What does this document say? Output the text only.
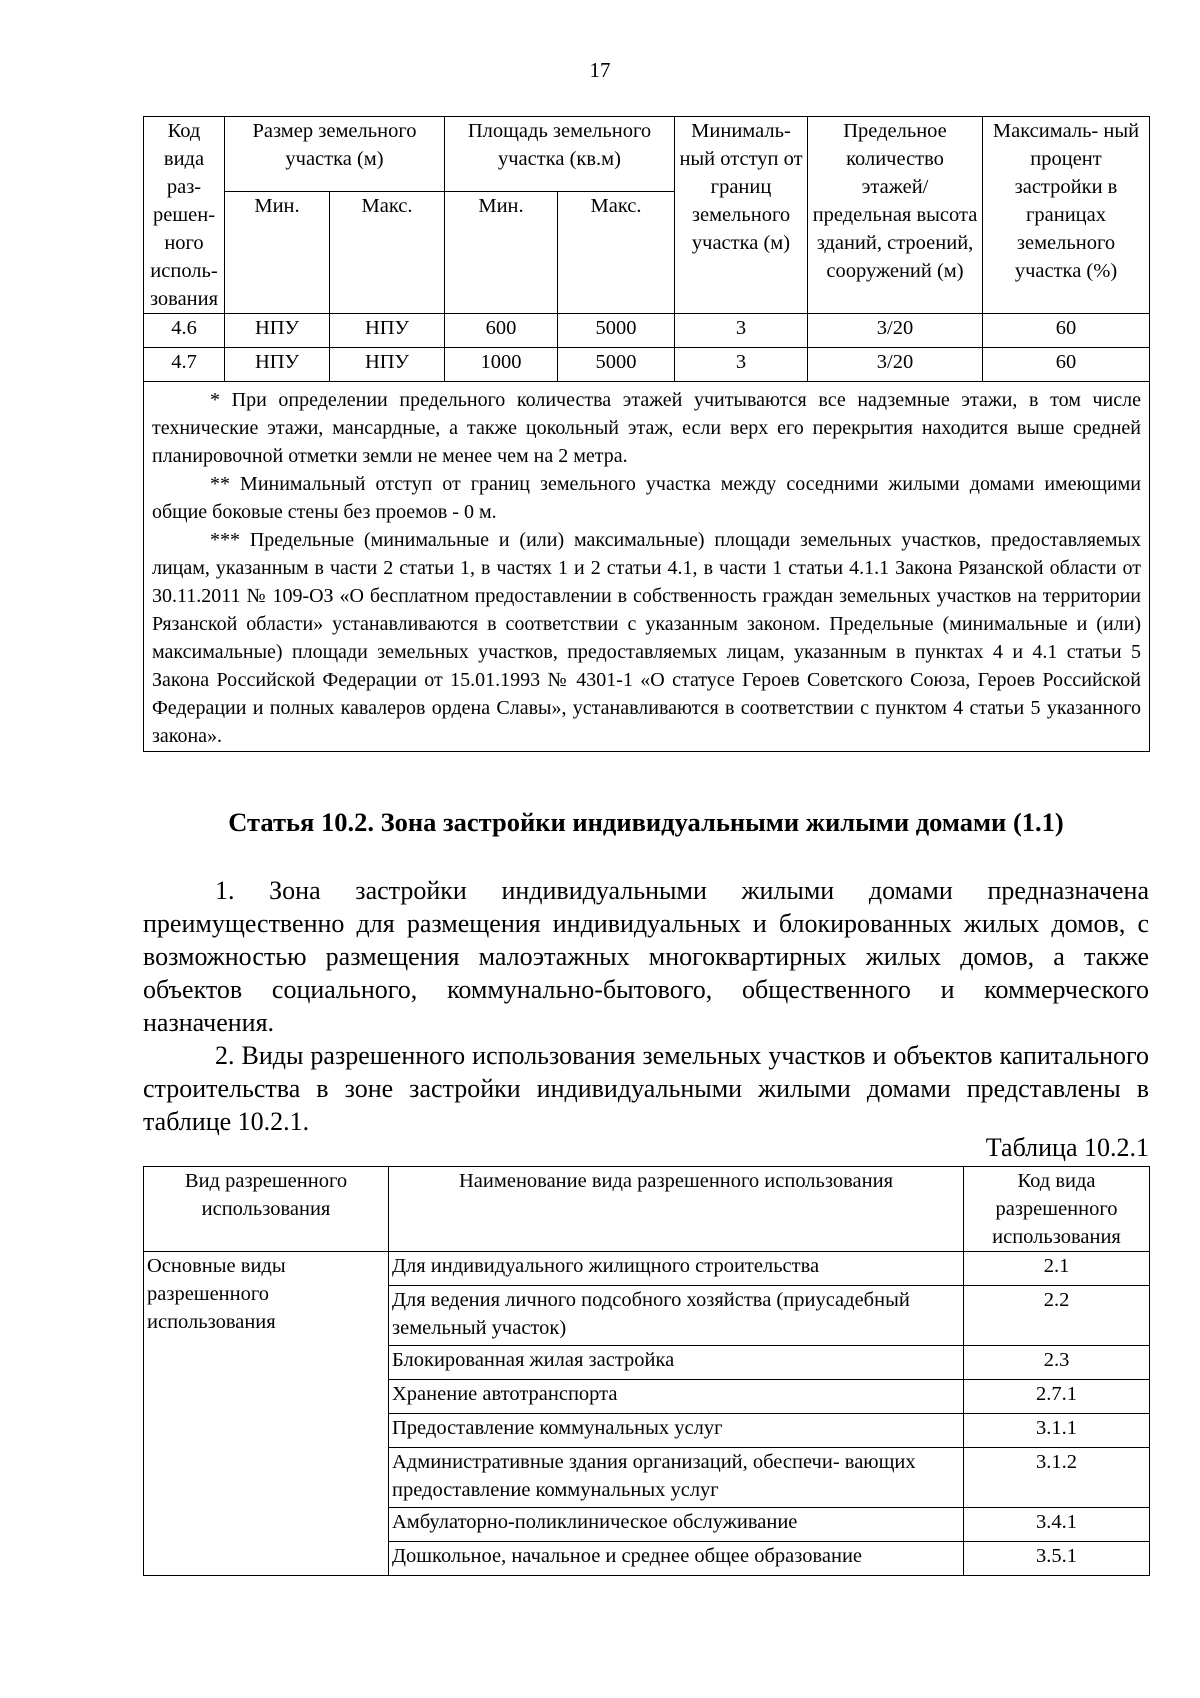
17
Код вида раз- решен- ного исполь- зования	Размер земельного участка (м)		Площадь земельного участка (кв.м)		Минималь- ный отступ от границ земельного участка (м)	Предельное количество этажей/ предельная высота зданий, строений, сооружений (м)	Максималь- ный процент застройки в границах земельного участка (%)
	Мин.	Макс.	Мин.	Макс.			
4.6	НПУ	НПУ	600	5000	3	3/20	60
4.7	НПУ	НПУ	1000	5000	3	3/20	60

* При определении предельного количества этажей учитываются все надземные этажи, в том числе технические этажи, мансардные, а также цокольный этаж, если верх его перекрытия находится выше средней планировочной отметки земли не менее чем на 2 метра.

** Минимальный отступ от границ земельного участка между соседними жилыми домами имеющими общие боковые стены без проемов - 0 м.

*** Предельные (минимальные и (или) максимальные) площади земельных участков, предоставляемых лицам, указанным в части 2 статьи 1, в частях 1 и 2 статьи 4.1, в части 1 статьи 4.1.1 Закона Рязанской области от 30.11.2011 № 109-ОЗ «О бесплатном предоставлении в собственность граждан земельных участков на территории Рязанской области» устанавливаются в соответствии с указанным законом. Предельные (минимальные и (или) максимальные) площади земельных участков, предоставляемых лицам, указанным в пунктах 4 и 4.1 статьи 5 Закона Российской Федерации от 15.01.1993 № 4301-1 «О статусе Героев Советского Союза, Героев Российской Федерации и полных кавалеров ордена Славы», устанавливаются в соответствии с пунктом 4 статьи 5 указанного закона».							

Статья 10.2. Зона застройки индивидуальными жилыми домами (1.1)

1. Зона застройки индивидуальными жилыми домами предназначена преимущественно для размещения индивидуальных и блокированных жилых домов, с возможностью размещения малоэтажных многоквартирных жилых домов, а также объектов социального, коммунально-бытового, общественного и коммерческого назначения.

2. Виды разрешенного использования земельных участков и объектов капитального строительства в зоне застройки индивидуальными жилыми домами представлены в таблице 10.2.1.

Таблица 10.2.1
Вид разрешенного использования	Наименование вида разрешенного использования	Код вида разрешенного использования
Основные виды разрешенного использования	Для индивидуального жилищного строительства	2.1
	Для ведения личного подсобного хозяйства (приусадебный земельный участок)	2.2
	Блокированная жилая застройка	2.3
	Хранение автотранспорта	2.7.1
	Предоставление коммунальных услуг	3.1.1
	Административные здания организаций, обеспечи- вающих предоставление коммунальных услуг	3.1.2
	Амбулаторно-поликлиническое обслуживание	3.4.1
	Дошкольное, начальное и среднее общее образование	3.5.1
